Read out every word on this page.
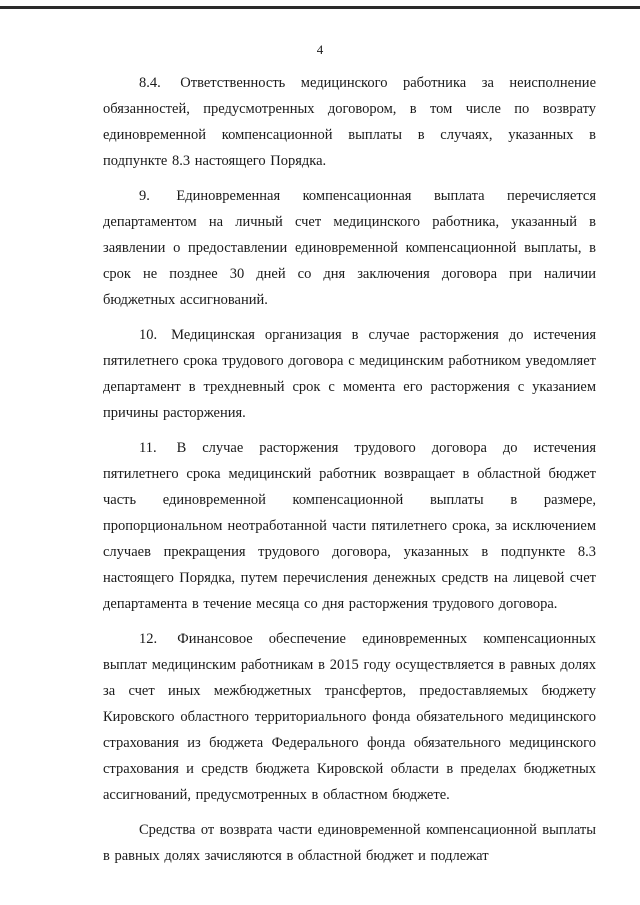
4

8.4. Ответственность медицинского работника за неисполнение обязанностей, предусмотренных договором, в том числе по возврату единовременной компенсационной выплаты в случаях, указанных в подпункте 8.3 настоящего Порядка.

9. Единовременная компенсационная выплата перечисляется департаментом на личный счет медицинского работника, указанный в заявлении о предоставлении единовременной компенсационной выплаты, в срок не позднее 30 дней со дня заключения договора при наличии бюджетных ассигнований.

10. Медицинская организация в случае расторжения до истечения пятилетнего срока трудового договора с медицинским работником уведомляет департамент в трехдневный срок с момента его расторжения с указанием причины расторжения.

11. В случае расторжения трудового договора до истечения пятилетнего срока медицинский работник возвращает в областной бюджет часть единовременной компенсационной выплаты в размере, пропорциональном неотработанной части пятилетнего срока, за исключением случаев прекращения трудового договора, указанных в подпункте 8.3 настоящего Порядка, путем перечисления денежных средств на лицевой счет департамента в течение месяца со дня расторжения трудового договора.

12. Финансовое обеспечение единовременных компенсационных выплат медицинским работникам в 2015 году осуществляется в равных долях за счет иных межбюджетных трансфертов, предоставляемых бюджету Кировского областного территориального фонда обязательного медицинского страхования из бюджета Федерального фонда обязательного медицинского страхования и средств бюджета Кировской области в пределах бюджетных ассигнований, предусмотренных в областном бюджете.

Средства от возврата части единовременной компенсационной выплаты в равных долях зачисляются в областной бюджет и подлежат
